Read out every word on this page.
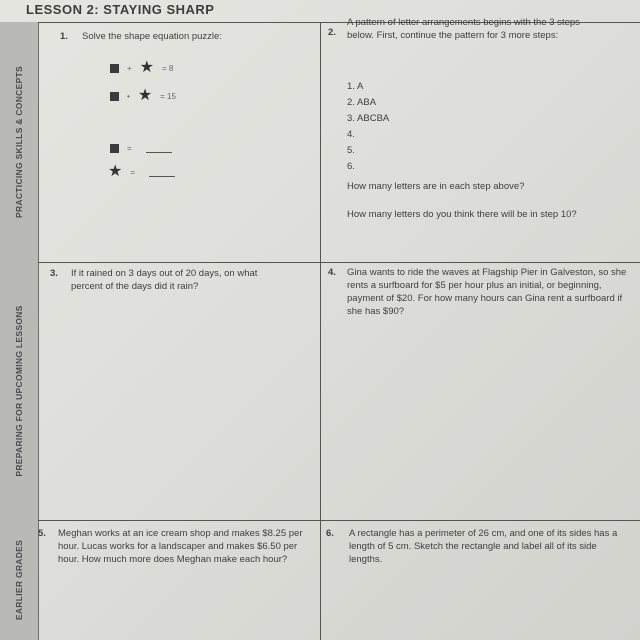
LESSON 2: STAYING SHARP
PRACTICING SKILLS & CONCEPTS
PREPARING FOR UPCOMING LESSONS
EARLIER GRADES
1. Solve the shape equation puzzle:
+ ★ = 8
• ★ = 15
=
★ =
2.
A pattern of letter arrangements begins with the 3 steps below. First, continue the pattern for 3 more steps:
1. A
2. ABA
3. ABCBA
4.
5.
6.
How many letters are in each step above?
How many letters do you think there will be in step 10?
3. If it rained on 3 days out of 20 days, on what percent of the days did it rain?
4. Gina wants to ride the waves at Flagship Pier in Galveston, so she rents a surfboard for $5 per hour plus an initial, or beginning, payment of $20. For how many hours can Gina rent a surfboard if she has $90?
5. Meghan works at an ice cream shop and makes $8.25 per hour. Lucas works for a landscaper and makes $6.50 per hour. How much more does Meghan make each hour?
6. A rectangle has a perimeter of 26 cm, and one of its sides has a length of 5 cm. Sketch the rectangle and label all of its side lengths.
